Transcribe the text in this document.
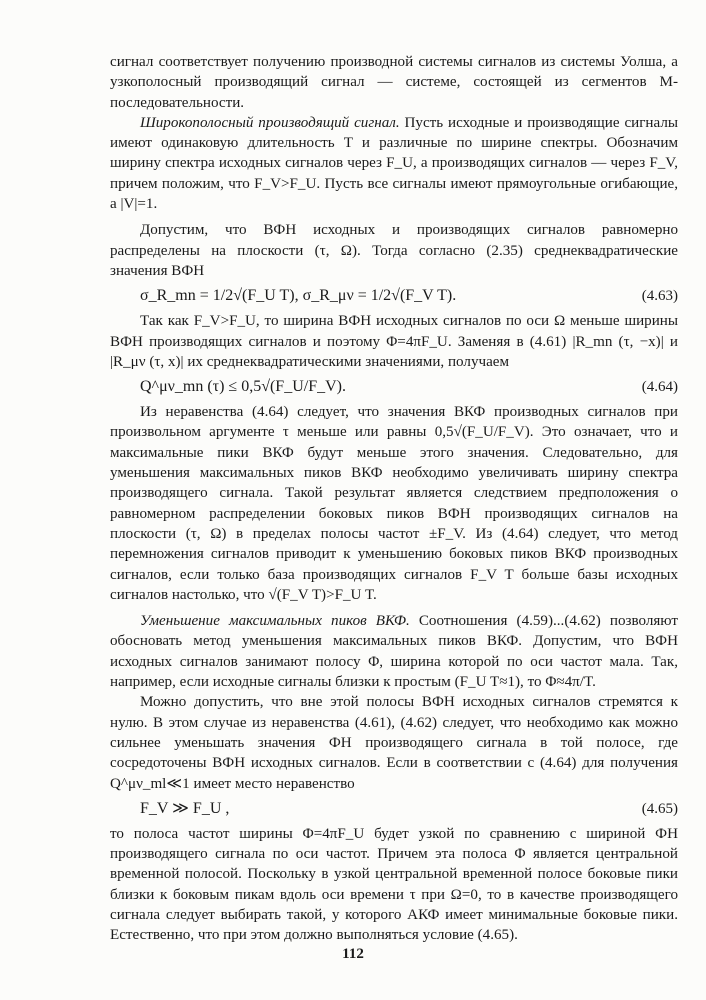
сигнал соответствует получению производной системы сигналов из системы Уолша, а узкополосный производящий сигнал — системе, состоящей из сегментов M-последовательности.

Широкополосный производящий сигнал. Пусть исходные и производящие сигналы имеют одинаковую длительность T и различные по ширине спектры. Обозначим ширину спектра исходных сигналов через F_U, а производящих сигналов — через F_V, причем положим, что F_V>F_U. Пусть все сигналы имеют прямоугольные огибающие, а |V|=1.

Допустим, что ВФН исходных и производящих сигналов равномерно распределены на плоскости (τ, Ω). Тогда согласно (2.35) среднеквадратические значения ВФН

σ_R_mn = 1/2√(F_U T), σ_R_μν = 1/2√(F_V T).	(4.63)

Так как F_V>F_U, то ширина ВФН исходных сигналов по оси Ω меньше ширины ВФН производящих сигналов и поэтому Φ=4πF_U. Заменяя в (4.61) |R_mn (τ, −x)| и |R_μν (τ, x)| их среднеквадратическими значениями, получаем

Q^μν_mn (τ) ≤ 0,5√(F_U/F_V).	(4.64)

Из неравенства (4.64) следует, что значения ВКФ производных сигналов при произвольном аргументе τ меньше или равны 0,5√(F_U/F_V). Это означает, что и максимальные пики ВКФ будут меньше этого значения. Следовательно, для уменьшения максимальных пиков ВКФ необходимо увеличивать ширину спектра производящего сигнала. Такой результат является следствием предположения о равномерном распределении боковых пиков ВФН производящих сигналов на плоскости (τ, Ω) в пределах полосы частот ±F_V. Из (4.64) следует, что метод перемножения сигналов приводит к уменьшению боковых пиков ВКФ производных сигналов, если только база производящих сигналов F_V T больше базы исходных сигналов настолько, что √(F_V T)>F_U T.

Уменьшение максимальных пиков ВКФ. Соотношения (4.59)...(4.62) позволяют обосновать метод уменьшения максимальных пиков ВКФ. Допустим, что ВФН исходных сигналов занимают полосу Φ, ширина которой по оси частот мала. Так, например, если исходные сигналы близки к простым (F_U T≈1), то Φ≈4π/T.

Можно допустить, что вне этой полосы ВФН исходных сигналов стремятся к нулю. В этом случае из неравенства (4.61), (4.62) следует, что необходимо как можно сильнее уменьшать значения ФН производящего сигнала в той полосе, где сосредоточены ВФН исходных сигналов. Если в соответствии с (4.64) для получения Q^μν_ml≪1 имеет место неравенство

F_V ≫ F_U ,	(4.65)

то полоса частот ширины Φ=4πF_U будет узкой по сравнению с шириной ФН производящего сигнала по оси частот. Причем эта полоса Φ является центральной временной полосой. Поскольку в узкой центральной временной полосе боковые пики близки к боковым пикам вдоль оси времени τ при Ω=0, то в качестве производящего сигнала следует выбирать такой, у которого АКФ имеет минимальные боковые пики. Естественно, что при этом должно выполняться условие (4.65).

112
